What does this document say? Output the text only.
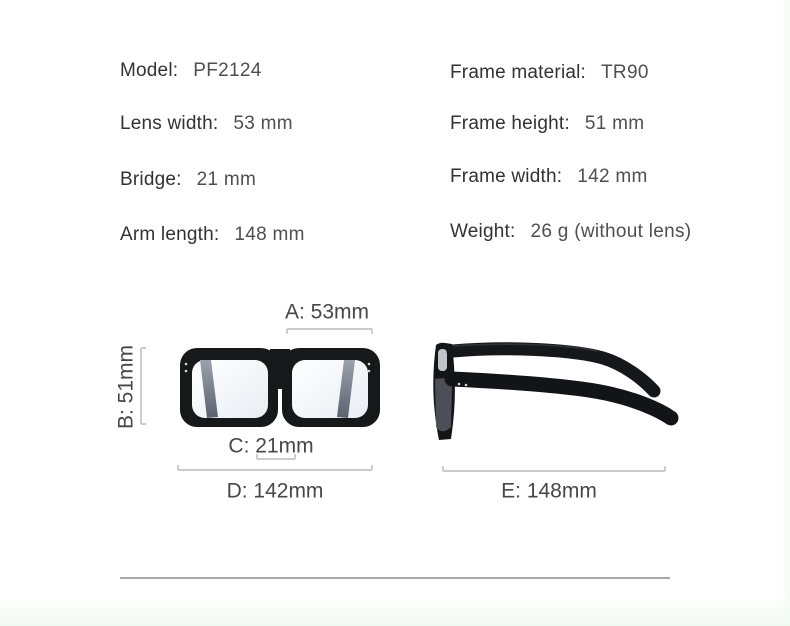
Model: PF2124
Lens width: 53 mm
Bridge: 21 mm
Arm length: 148 mm
Frame material: TR90
Frame height: 51 mm
Frame width: 142 mm
Weight: 26 g (without lens)
A: 53mm
B: 51mm
C: 21mm
D: 142mm	E: 148mm
